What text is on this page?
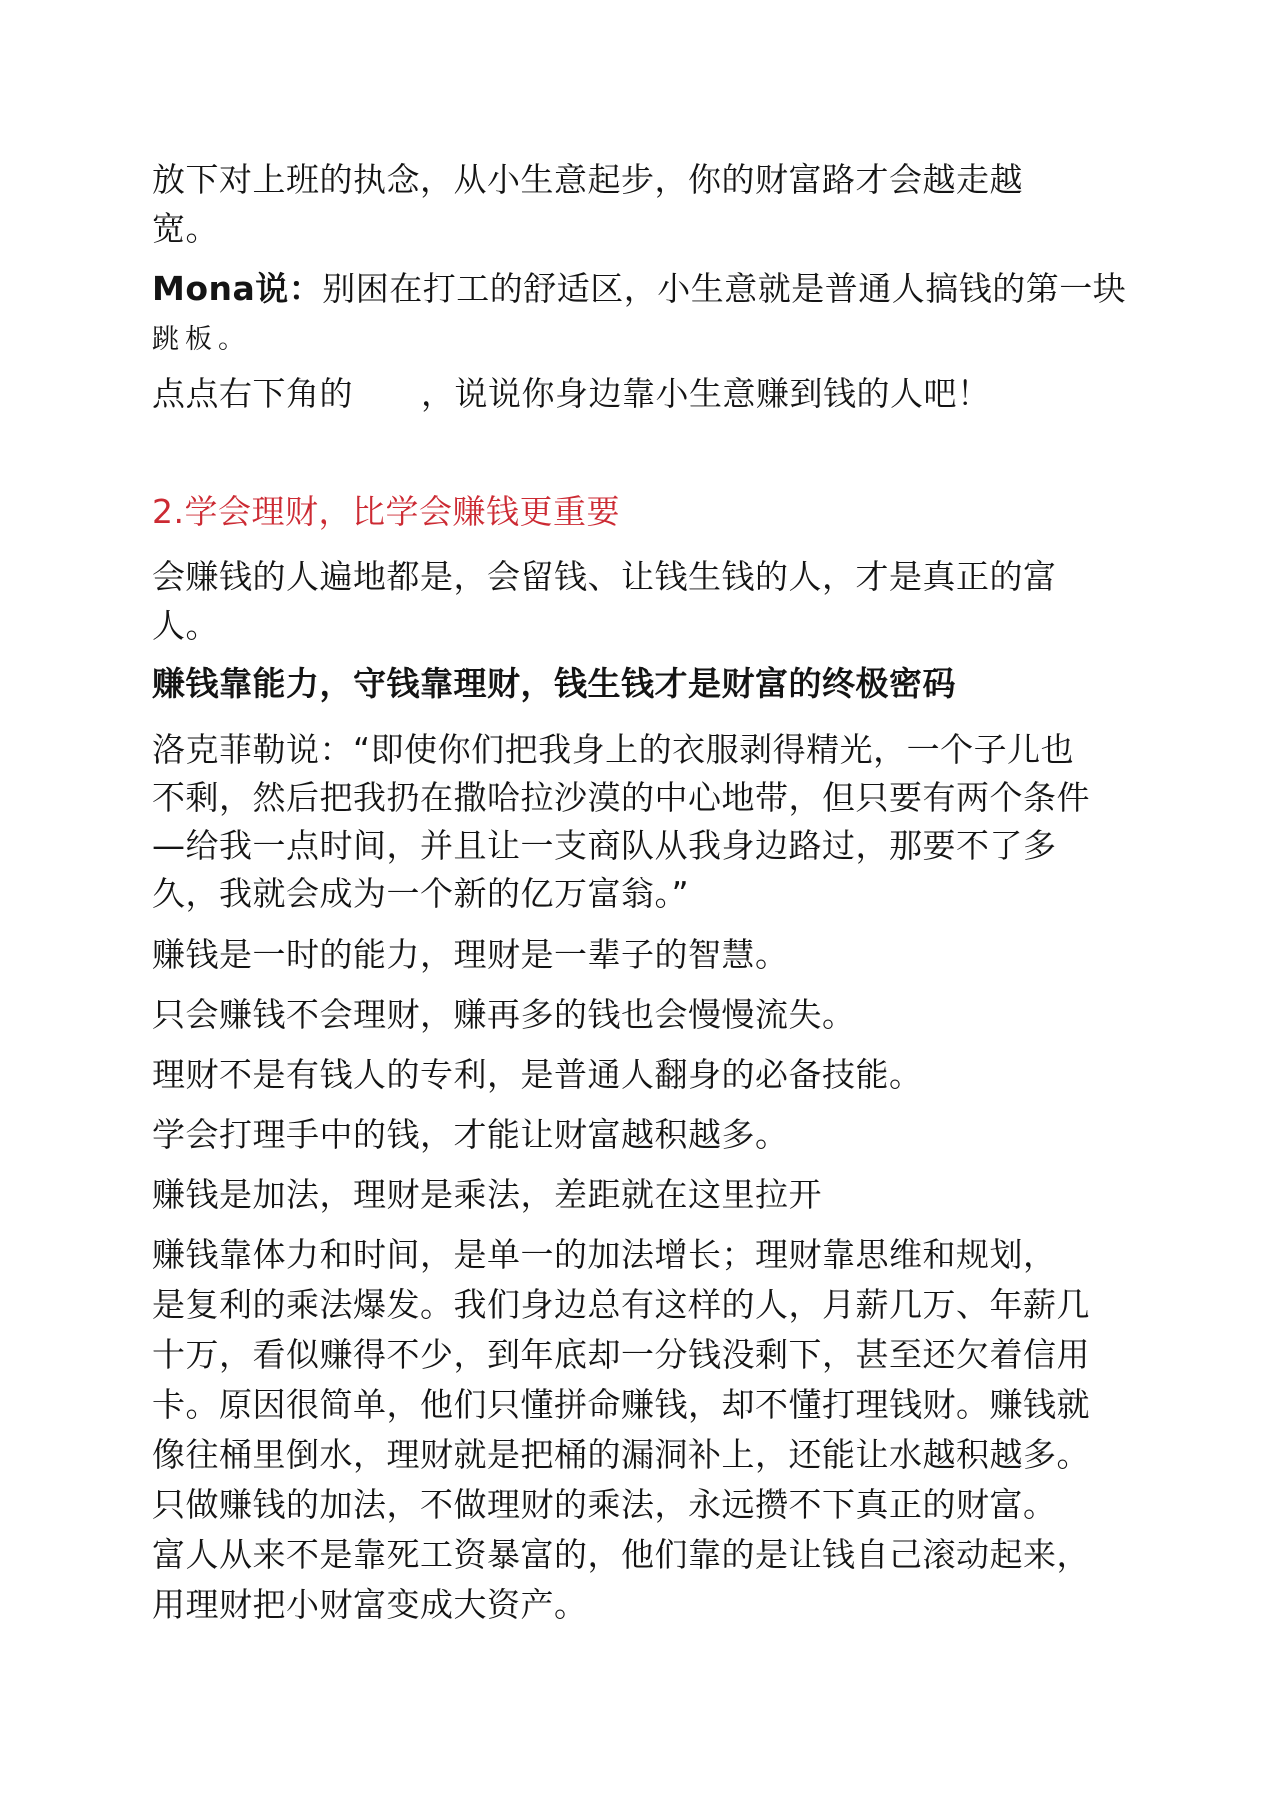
放下对上班的执念，从小生意起步，你的财富路才会越走越
宽。
Mona说：别困在打工的舒适区，小生意就是普通人搞钱的第一块
跳板。
点点右下角的 ，说说你身边靠小生意赚到钱的人吧！
2.学会理财，比学会赚钱更重要
会赚钱的人遍地都是，会留钱、让钱生钱的人，才是真正的富
人。
赚钱靠能力，守钱靠理财，钱生钱才是财富的终极密码
洛克菲勒说：“即使你们把我身上的衣服剥得精光，一个子儿也
不剩，然后把我扔在撒哈拉沙漠的中心地带，但只要有两个条件
—给我一点时间，并且让一支商队从我身边路过，那要不了多
久，我就会成为一个新的亿万富翁。”
赚钱是一时的能力，理财是一辈子的智慧。
只会赚钱不会理财，赚再多的钱也会慢慢流失。
理财不是有钱人的专利，是普通人翻身的必备技能。
学会打理手中的钱，才能让财富越积越多。
赚钱是加法，理财是乘法，差距就在这里拉开
赚钱靠体力和时间，是单一的加法增长；理财靠思维和规划，
是复利的乘法爆发。我们身边总有这样的人，月薪几万、年薪几
十万，看似赚得不少，到年底却一分钱没剩下，甚至还欠着信用
卡。原因很简单，他们只懂拼命赚钱，却不懂打理钱财。赚钱就
像往桶里倒水，理财就是把桶的漏洞补上，还能让水越积越多。
只做赚钱的加法，不做理财的乘法，永远攒不下真正的财富。
富人从来不是靠死工资暴富的，他们靠的是让钱自己滚动起来，
用理财把小财富变成大资产。
